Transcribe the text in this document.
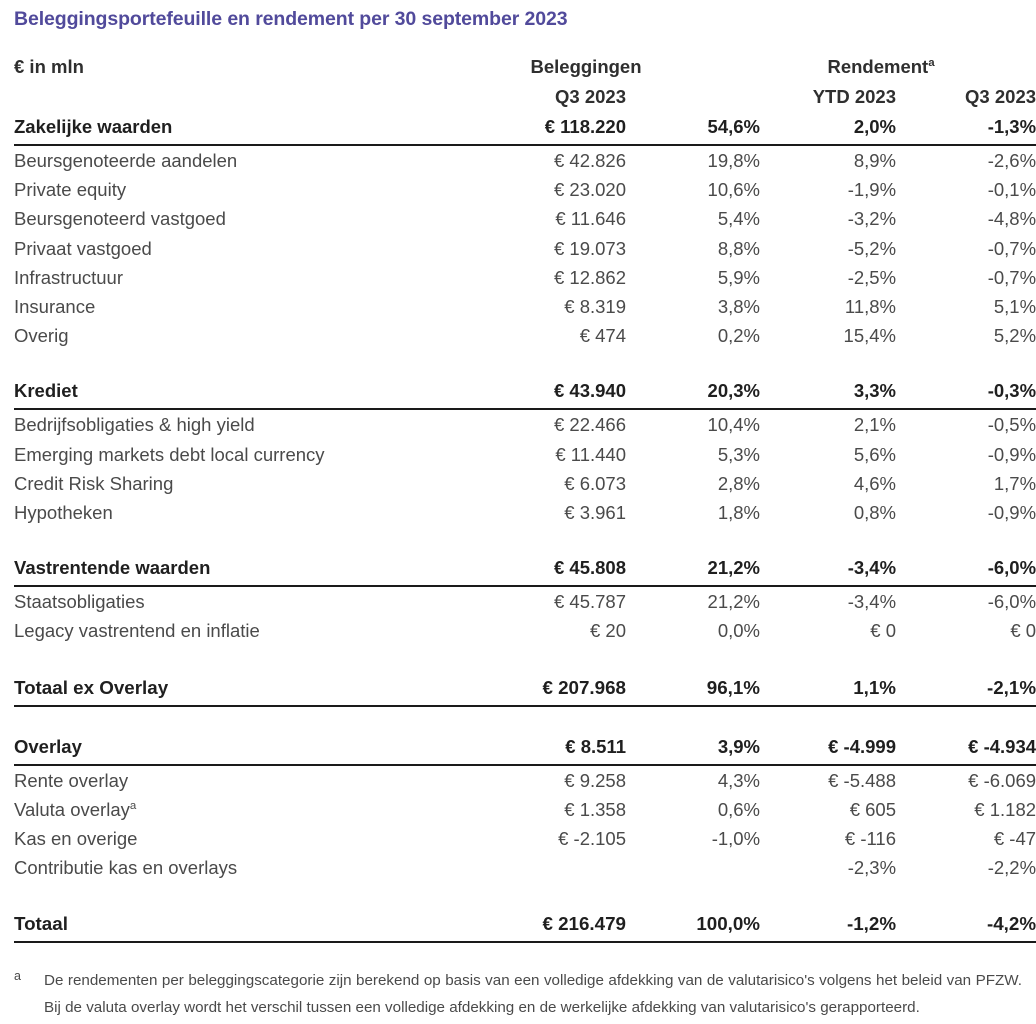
Beleggingsportefeuille en rendement per 30 september 2023
€ in mln	Beleggingen		Rendement$^a$
	Q3 2023		YTD 2023	Q3 2023
Zakelijke waarden	€ 118.220	54,6%	2,0%	-1,3%
Beursgenoteerde aandelen	€ 42.826	19,8%	8,9%	-2,6%
Private equity	€ 23.020	10,6%	-1,9%	-0,1%
Beursgenoteerd vastgoed	€ 11.646	5,4%	-3,2%	-4,8%
Privaat vastgoed	€ 19.073	8,8%	-5,2%	-0,7%
Infrastructuur	€ 12.862	5,9%	-2,5%	-0,7%
Insurance	€ 8.319	3,8%	11,8%	5,1%
Overig	€ 474	0,2%	15,4%	5,2%

Krediet	€ 43.940	20,3%	3,3%	-0,3%
Bedrijfsobligaties & high yield	€ 22.466	10,4%	2,1%	-0,5%
Emerging markets debt local currency	€ 11.440	5,3%	5,6%	-0,9%
Credit Risk Sharing	€ 6.073	2,8%	4,6%	1,7%
Hypotheken	€ 3.961	1,8%	0,8%	-0,9%

Vastrentende waarden	€ 45.808	21,2%	-3,4%	-6,0%
Staatsobligaties	€ 45.787	21,2%	-3,4%	-6,0%
Legacy vastrentend en inflatie	€ 20	0,0%	€ 0	€ 0

Totaal ex Overlay	€ 207.968	96,1%	1,1%	-2,1%

Overlay	€ 8.511	3,9%	€ -4.999	€ -4.934
Rente overlay	€ 9.258	4,3%	€ -5.488	€ -6.069
Valuta overlay$^a$	€ 1.358	0,6%	€ 605	€ 1.182
Kas en overige	€ -2.105	-1,0%	€ -116	€ -47
Contributie kas en overlays			-2,3%	-2,2%

Totaal	€ 216.479	100,0%	-1,2%	-4,2%
a	De rendementen per beleggingscategorie zijn berekend op basis van een volledige afdekking van de valutarisico's volgens het beleid van PFZW. Bij de valuta overlay wordt het verschil tussen een volledige afdekking en de werkelijke afdekking van valutarisico's gerapporteerd.
